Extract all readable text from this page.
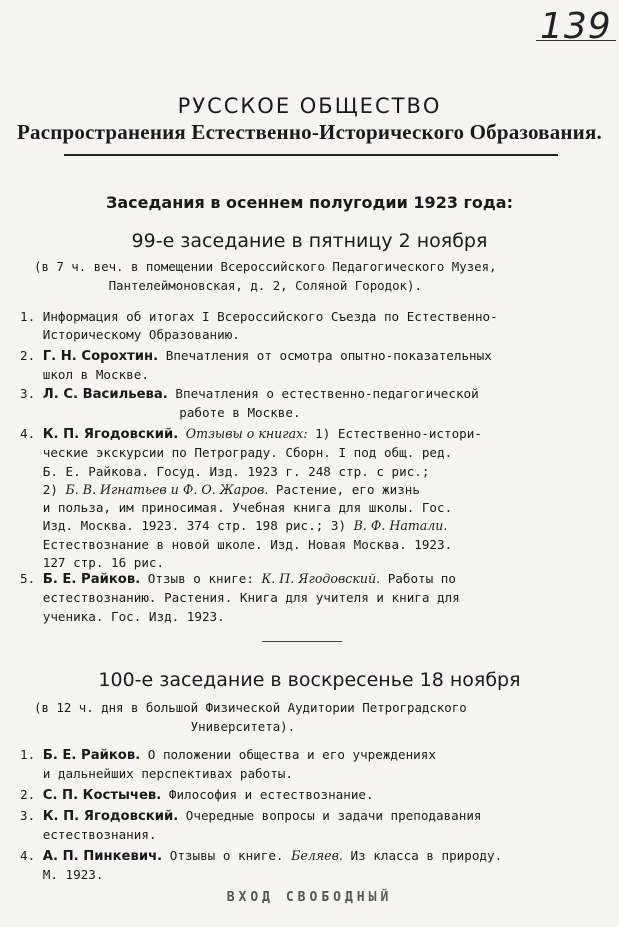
139
РУССКОЕ ОБЩЕСТВО
Распространения Естественно-Исторического Образования.
Заседания в осеннем полугодии 1923 года:
99-е заседание в пятницу 2 ноября
(в 7 ч. веч. в помещении Всероссийского Педагогического Музея,
Пантелеймоновская, д. 2, Соляной Городок).
1. Информация об итогах I Всероссийского Съезда по Естественно-
Историческому Образованию.
2. Г. Н. Сорохтин. Впечатления от осмотра опытно-показательных
школ в Москве.
3. Л. С. Васильева. Впечатления о естественно-педагогической
работе в Москве.
4. К. П. Ягодовский. Отзывы о книгах: 1) Естественно-истори-
ческие экскурсии по Петрограду. Сборн. I под общ. ред.
Б. Е. Райкова. Госуд. Изд. 1923 г. 248 стр. с рис.;
2) Б. В. Игнатьев и Ф. О. Жаров. Растение, его жизнь
и польза, им приносимая. Учебная книга для школы. Гос.
Изд. Москва. 1923. 374 стр. 198 рис.; 3) В. Ф. Натали.
Естествознание в новой школе. Изд. Новая Москва. 1923.
127 стр. 16 рис.
5. Б. Е. Райков. Отзыв о книге: К. П. Ягодовский. Работы по
естествознанию. Растения. Книга для учителя и книга для
ученика. Гос. Изд. 1923.
100-е заседание в воскресенье 18 ноября
(в 12 ч. дня в большой Физической Аудитории Петроградского
Университета).
1. Б. Е. Райков. О положении общества и его учреждениях
и дальнейших перспективах работы.
2. С. П. Костычев. Философия и естествознание.
3. К. П. Ягодовский. Очередные вопросы и задачи преподавания
естествознания.
4. А. П. Пинкевич. Отзывы о книге. Беляев. Из класса в природу.
М. 1923.
ВХОД СВОБОДНЫЙ
